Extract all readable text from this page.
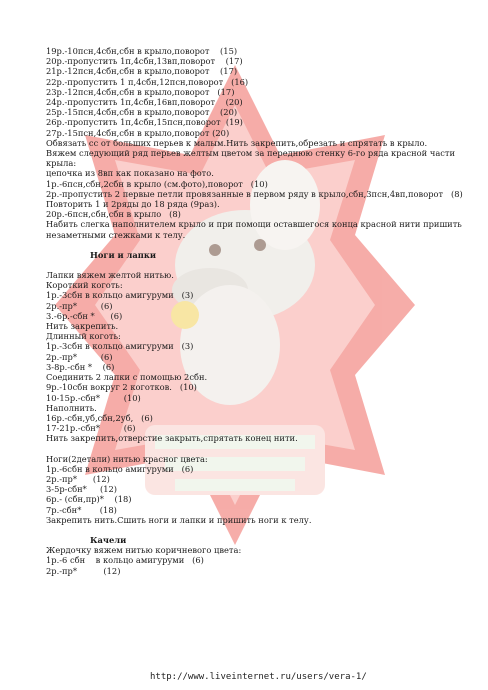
19р.-10псн,4сбн,сбн в крыло,поворот    (15)
20р.-пропустить 1п,4сбн,13вп,поворот    (17)
21р.-12псн,4сбн,сбн в крыло,поворот    (17)
22р.-пропустить 1 п,4сбн,12псн,поворот   (16)
23р.-12псн,4сбн,сбн в крыло,поворот   (17)
24р.-пропустить 1п,4сбн,16вп,поворот    (20)
25р.-15псн,4сбн,сбн в крыло,поворот    (20)
26р.-пропустить 1п,4сбн,15псн,поворот  (19)
27р.-15псн,4сбн,сбн в крыло,поворот (20)
Обвязать сс от больших перьев к малым.Нить закрепить,обрезать и спрятать в крыло.
Вяжем следующий ряд перьев желтым цветом за переднюю стенку 6-го ряда красной части
крыла:
цепочка из 8вп как показано на фото.
1р.-6псн,сбн,2сбн в крыло (см.фото),поворот   (10)
2р.-пропустить 2 первые петли провязанные в первом ряду в крыло,сбн,3псн,4вп,поворот   (8)
Повторить 1 и 2ряды до 18 ряда (9раз).
20р.-6псн,сбн,сбн в крыло   (8)
Набить слегка наполнителем крыло и при помощи оставшегося конца красной нити пришить
незаметными стежками к телу.
Ноги и лапки
Лапки вяжем желтой нитью.
Короткий коготь:
1р.-3сбн в кольцо амигуруми   (3)
2р.-пр*         (6)
3.-6р.-сбн *      (6)
Нить закрепить.
Длинный коготь:
1р.-3сбн в кольцо амигуруми   (3)
2р.-пр*         (6)
3-8р.-сбн *    (6)
Соединить 2 лапки с помощью 2сбн.
9р.-10сбн вокруг 2 коготков.   (10)
10-15р.-сбн*         (10)
Наполнить.
16р.-сбн,уб,сбн,2уб,   (6)
17-21р.-сбн*         (6)
Нить закрепить,отверстие закрыть,спрятать конец нити.
Ноги(2детали) нитью красног цвета:
1р.-6сбн в кольцо амигуруми   (6)
2р.-пр*      (12)
3-5р-сбн*     (12)
6р.- (сбн,пр)*    (18)
7р.-сбн*       (18)
Закрепить нить.Сшить ноги и лапки и пришить ноги к телу.
Качели
Жердочку вяжем нитью коричневого цвета:
1р.-6 сбн    в кольцо амигуруми   (6)
2р.-пр*          (12)
http://www.liveinternet.ru/users/vera-1/
